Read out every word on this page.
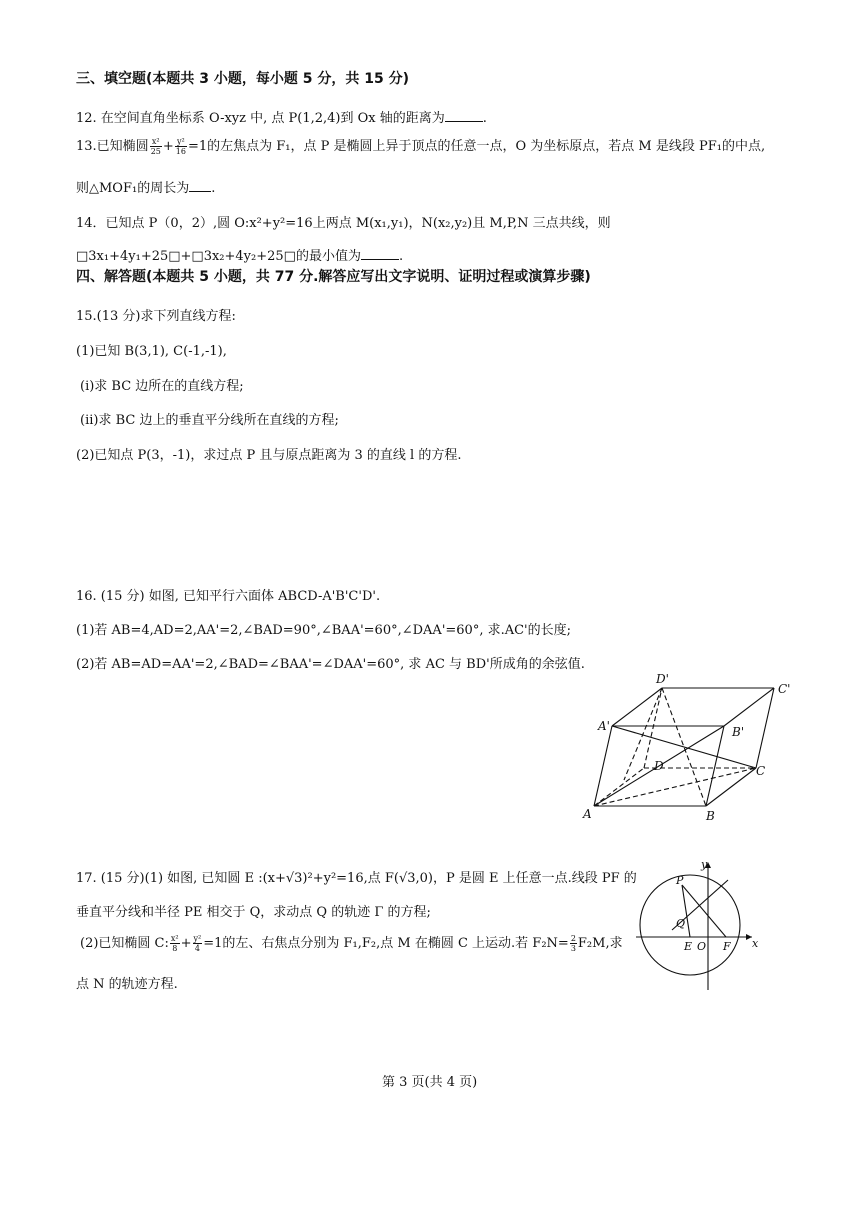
三、填空题(本题共 3 小题，每小题 5 分，共 15 分)
12. 在空间直角坐标系 O-xyz 中, 点 P(1,2,4)到 Ox 轴的距离为	.
13.已知椭圆 $\frac{\text{x²}}{25} + \frac{\text{y²}}{16} =1$的左焦点为 F₁，点 P 是椭圆上异于顶点的任意一点，O 为坐标原点，若点 M 是线段 PF₁的中点,
则△MOF₁的周长为 .
14．已知点 P（0，2）,圆 O:x²+y²=16上两点 M(x₁,y₁)，N(x₂,y₂)且 M,P,N 三点共线，则
□3x₁+4y₁+25□+□3x₂+4y₂+25□的最小值为	.
四、解答题(本题共 5 小题，共 77 分.解答应写出文字说明、证明过程或演算步骤)
15.(13 分)求下列直线方程:
(1)已知 B(3,1), C(-1,-1),
(i)求 BC 边所在的直线方程;
(ii)求 BC 边上的垂直平分线所在直线的方程;
(2)已知点 P(3，-1)，求过点 P 且与原点距离为 3 的直线 l 的方程.
16. (15 分) 如图, 已知平行六面体 ABCD-A'B'C'D'.
(1)若 AB=4,AD=2,AA'=2,∠BAD=90°,∠BAA'=60°,∠DAA'=60°, 求.AC'的长度;
(2)若 AB=AD=AA'=2,∠BAD=∠BAA'=∠DAA'=60°, 求 AC 与 BD'所成角的余弦值.
D'
C'
A'	B'
D	C
A	B
17. (15 分)(1) 如图, 已知圆 E :(x+√3)²+y²=16,点 F(√3,0)，P 是圆 E 上任意一点.线段 PF 的
垂直平分线和半径 PE 相交于 Q，求动点 Q 的轨迹 Γ 的方程;
(2)已知椭圆 C: $\frac{\text{x²}}{8} + \frac{\text{y²}}{4} =1$的左、右焦点分别为 F₁,F₂,点 M 在椭圆 C 上运动.若 $F_2N= \frac{2}{3} F_2M$,求
点 N 的轨迹方程.
y
P
Q
E O F x
第 3 页(共 4 页)
